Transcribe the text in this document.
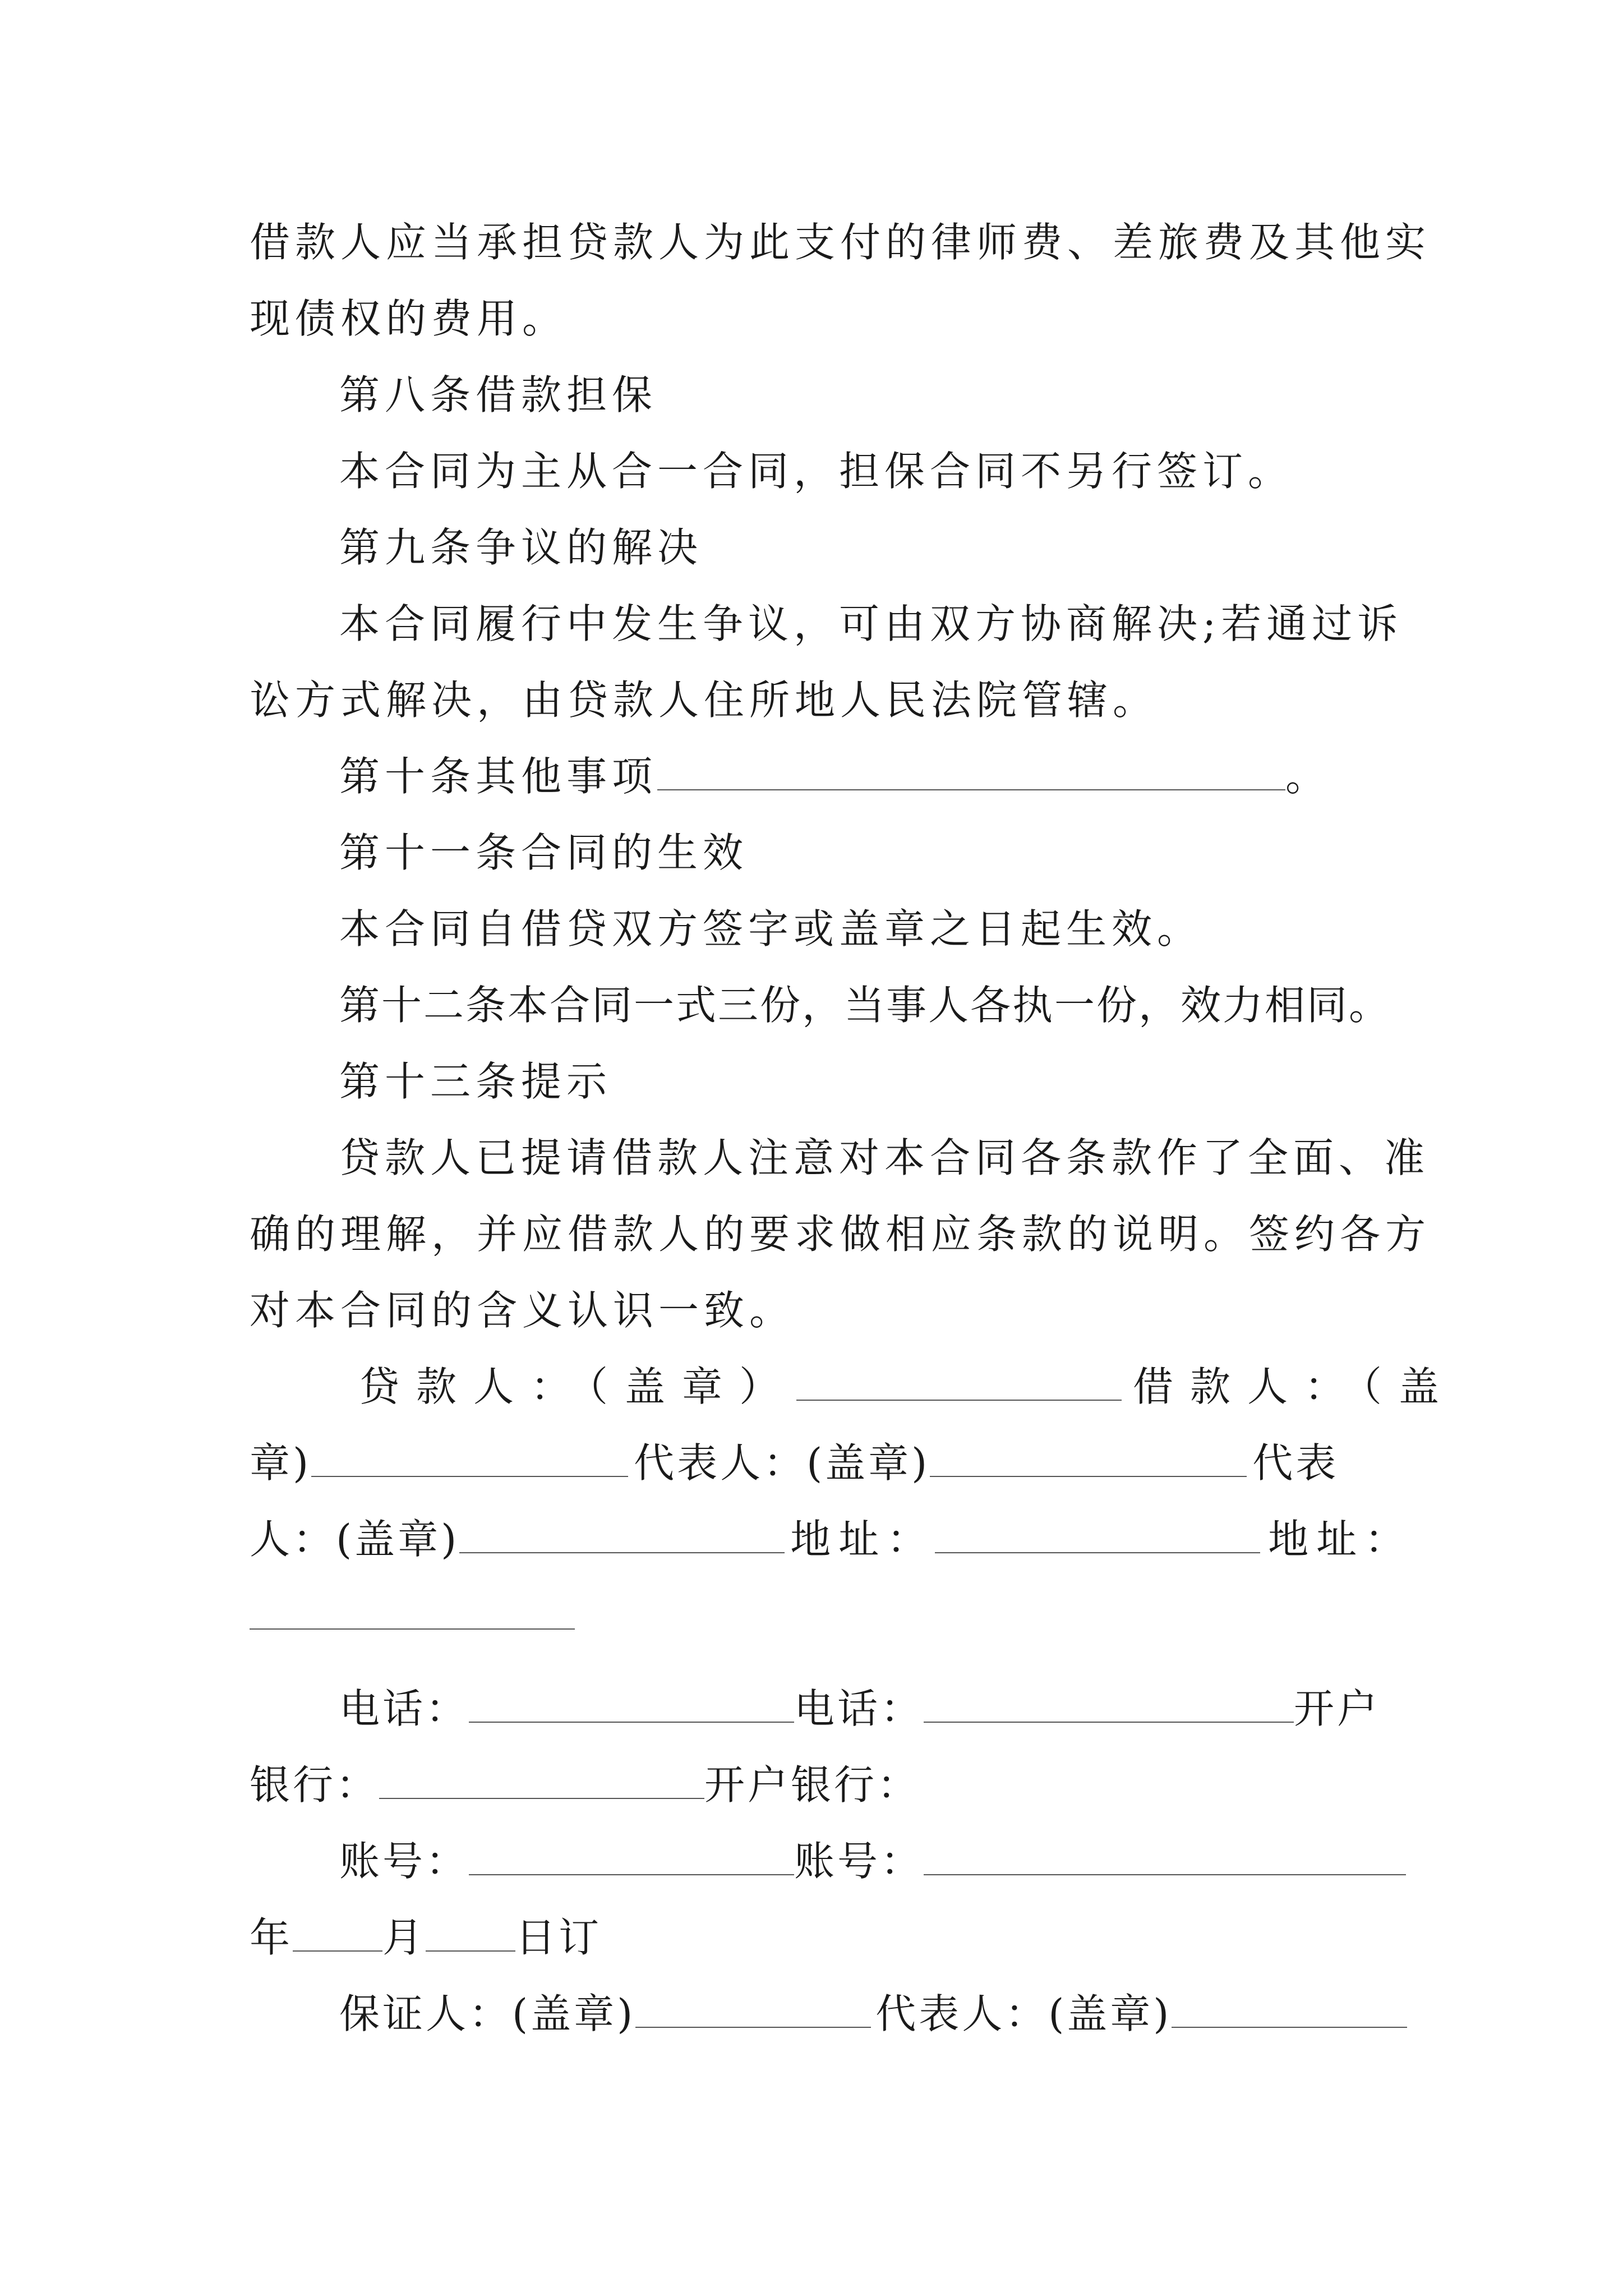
借款人应当承担贷款人为此支付的律师费、差旅费及其他实
现债权的费用。
第八条借款担保
本合同为主从合一合同，担保合同不另行签订。
第九条争议的解决
本合同履行中发生争议，可由双方协商解决;若通过诉
讼方式解决，由贷款人住所地人民法院管辖。
第十条其他事项	。
第十一条合同的生效
本合同自借贷双方签字或盖章之日起生效。
第十二条本合同一式三份，当事人各执一份，效力相同。
第十三条提示
贷款人已提请借款人注意对本合同各条款作了全面、准
确的理解，并应借款人的要求做相应条款的说明。签约各方
对本合同的含义认识一致。
贷款人：（盖章）	借款人：（盖
章)	代表人：(盖章)	代表
人：(盖章)	地址：	地址：
电话：	电话：	开户
银行：	开户银行：
账号：	账号：
年 月 日订
保证人：(盖章)	代表人：(盖章)
